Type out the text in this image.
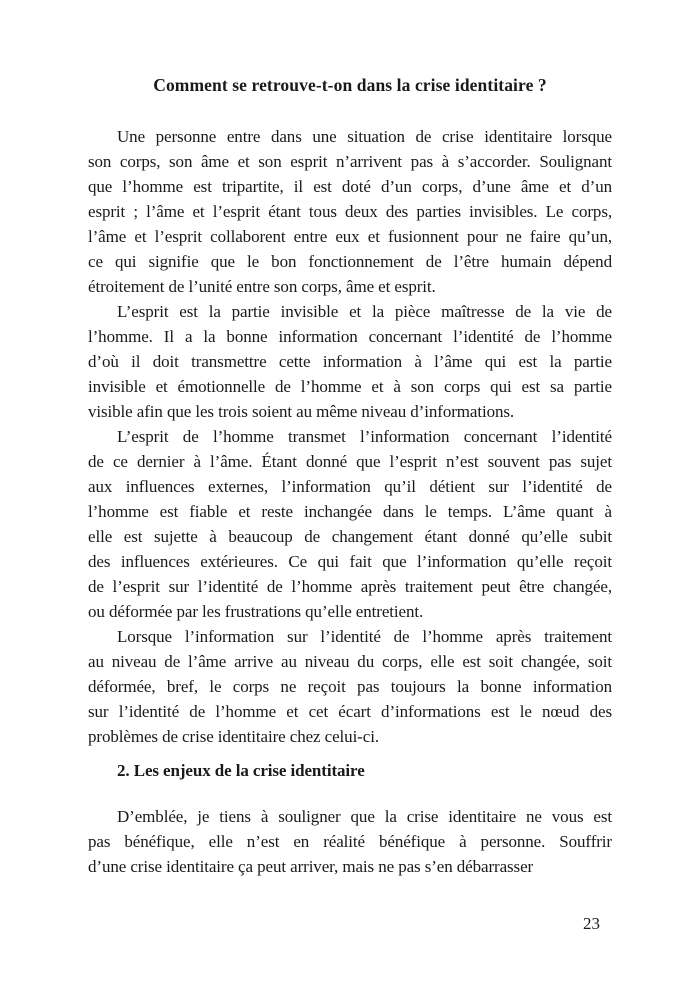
Comment se retrouve-t-on dans la crise identitaire ?
Une personne entre dans une situation de crise identitaire lorsque
son corps, son âme et son esprit n’arrivent pas à s’accorder. Soulignant
que l’homme est tripartite, il est doté d’un corps, d’une âme et d’un
esprit ; l’âme et l’esprit étant tous deux des parties invisibles. Le corps,
l’âme et l’esprit collaborent entre eux et fusionnent pour ne faire qu’un,
ce qui signifie que le bon fonctionnement de l’être humain dépend
étroitement de l’unité entre son corps, âme et esprit.
L’esprit est la partie invisible et la pièce maîtresse de la vie de
l’homme. Il a la bonne information concernant l’identité de l’homme
d’où il doit transmettre cette information à l’âme qui est la partie
invisible et émotionnelle de l’homme et à son corps qui est sa partie
visible afin que les trois soient au même niveau d’informations.
L’esprit de l’homme transmet l’information concernant l’identité
de ce dernier à l’âme. Étant donné que l’esprit n’est souvent pas sujet
aux influences externes, l’information qu’il détient sur l’identité de
l’homme est fiable et reste inchangée dans le temps. L’âme quant à
elle est sujette à beaucoup de changement étant donné qu’elle subit
des influences extérieures. Ce qui fait que l’information qu’elle reçoit
de l’esprit sur l’identité de l’homme après traitement peut être changée,
ou déformée par les frustrations qu’elle entretient.
Lorsque l’information sur l’identité de l’homme après traitement
au niveau de l’âme arrive au niveau du corps, elle est soit changée, soit
déformée, bref, le corps ne reçoit pas toujours la bonne information
sur l’identité de l’homme et cet écart d’informations est le nœud des
problèmes de crise identitaire chez celui-ci.
2. Les enjeux de la crise identitaire
D’emblée, je tiens à souligner que la crise identitaire ne vous est
pas bénéfique, elle n’est en réalité bénéfique à personne. Souffrir
d’une crise identitaire ça peut arriver, mais ne pas s’en débarrasser
23
